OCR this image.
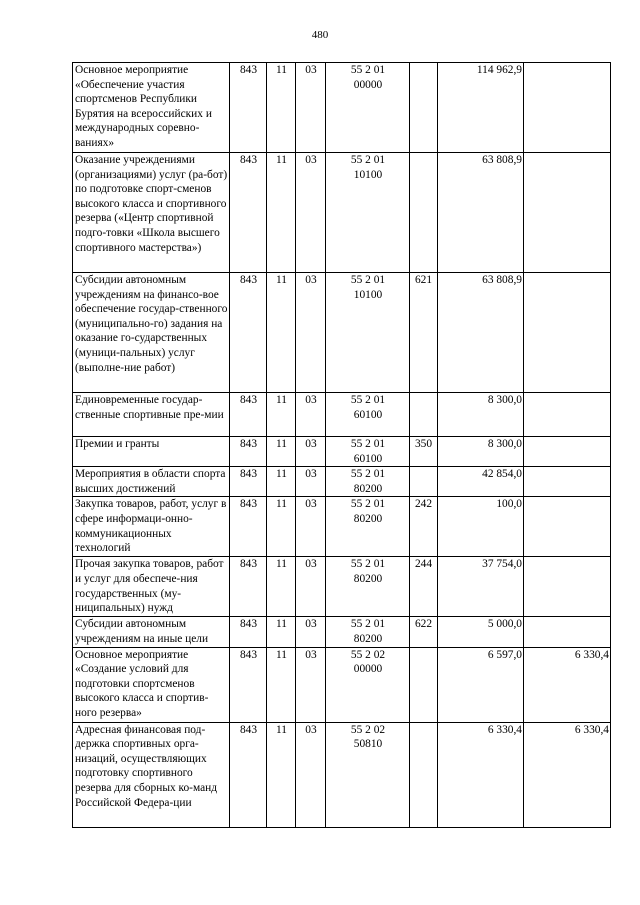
480
Основное мероприятие «Обеспечение участия спортсменов Республики Бурятия на всероссийских и международных соревно-ваниях»	843	11	03	55 2 01
00000		114 962,9	
Оказание учреждениями (организациями) услуг (ра-бот) по подготовке спорт-сменов высокого класса и спортивного резерва («Центр спортивной подго-товки «Школа высшего спортивного мастерства»)	843	11	03	55 2 01
10100		63 808,9	
Субсидии автономным учреждениям на финансо-вое обеспечение государ-ственного (муниципально-го) задания на оказание го-сударственных (муници-пальных) услуг (выполне-ние работ)	843	11	03	55 2 01
10100	621	63 808,9	
Единовременные государ-ственные спортивные пре-мии	843	11	03	55 2 01
60100		8 300,0	
Премии и гранты	843	11	03	55 2 01
60100	350	8 300,0	
Мероприятия в области спорта высших достижений	843	11	03	55 2 01
80200		42 854,0	
Закупка товаров, работ, услуг в сфере информаци-онно-коммуникационных технологий	843	11	03	55 2 01
80200	242	100,0	
Прочая закупка товаров, работ и услуг для обеспече-ния государственных (му-ниципальных) нужд	843	11	03	55 2 01
80200	244	37 754,0	
Субсидии автономным учреждениям на иные цели	843	11	03	55 2 01
80200	622	5 000,0	
Основное мероприятие «Создание условий для подготовки спортсменов высокого класса и спортив-ного резерва»	843	11	03	55 2 02
00000		6 597,0	6 330,4
Адресная финансовая под-держка спортивных орга-низаций, осуществляющих подготовку спортивного резерва для сборных ко-манд Российской Федера-ции	843	11	03	55 2 02
50810		6 330,4	6 330,4
